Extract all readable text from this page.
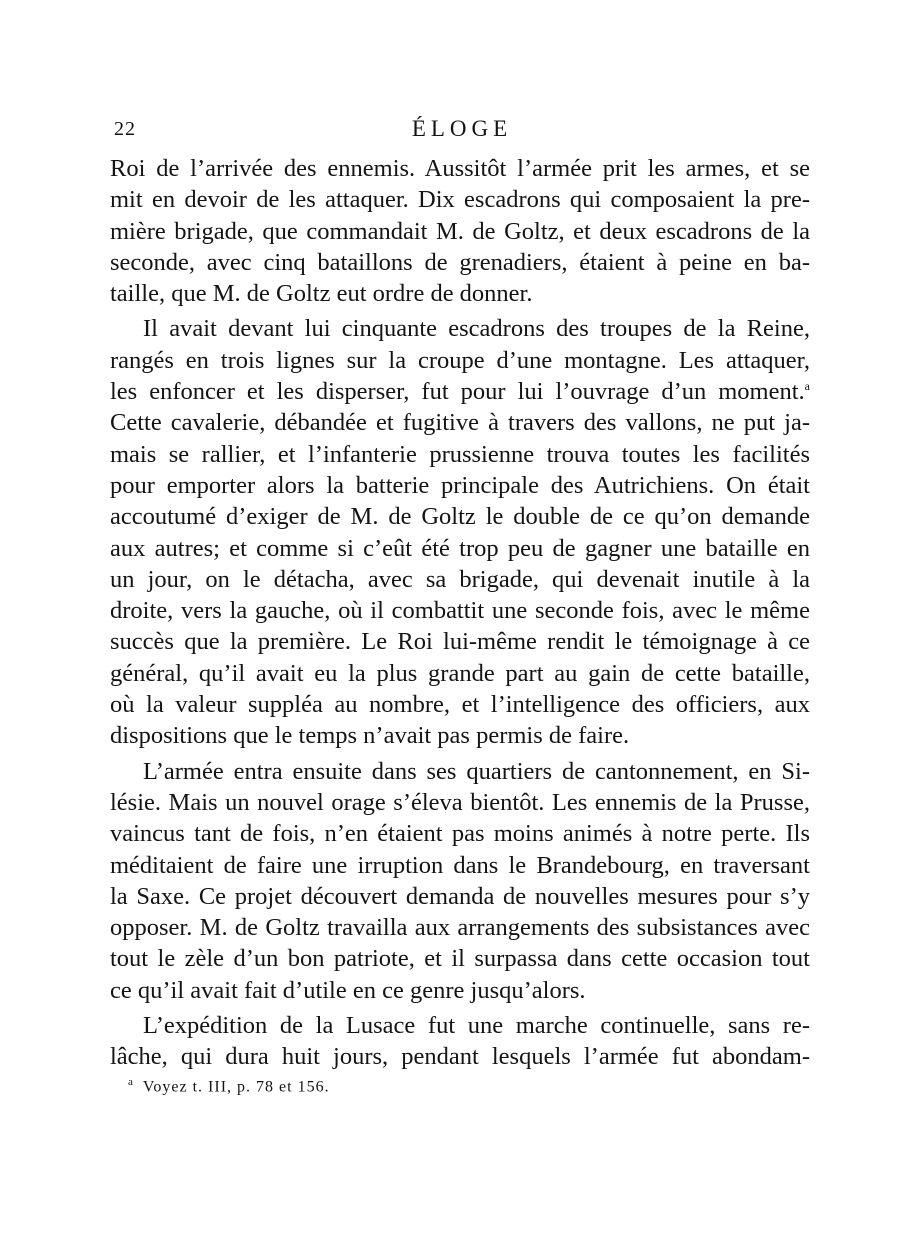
22	ÉLOGE
Roi de l’arrivée des ennemis. Aussitôt l’armée prit les armes, et se
mit en devoir de les attaquer. Dix escadrons qui composaient la pre-
mière brigade, que commandait M. de Goltz, et deux escadrons de la
seconde, avec cinq bataillons de grenadiers, étaient à peine en ba-
taille, que M. de Goltz eut ordre de donner.
Il avait devant lui cinquante escadrons des troupes de la Reine,
rangés en trois lignes sur la croupe d’une montagne. Les attaquer,
les enfoncer et les disperser, fut pour lui l’ouvrage d’un moment.$^a$
Cette cavalerie, débandée et fugitive à travers des vallons, ne put ja-
mais se rallier, et l’infanterie prussienne trouva toutes les facilités
pour emporter alors la batterie principale des Autrichiens. On était
accoutumé d’exiger de M. de Goltz le double de ce qu’on demande
aux autres; et comme si c’eût été trop peu de gagner une bataille en
un jour, on le détacha, avec sa brigade, qui devenait inutile à la
droite, vers la gauche, où il combattit une seconde fois, avec le même
succès que la première. Le Roi lui-même rendit le témoignage à ce
général, qu’il avait eu la plus grande part au gain de cette bataille,
où la valeur suppléa au nombre, et l’intelligence des officiers, aux
dispositions que le temps n’avait pas permis de faire.
L’armée entra ensuite dans ses quartiers de cantonnement, en Si-
lésie. Mais un nouvel orage s’éleva bientôt. Les ennemis de la Prusse,
vaincus tant de fois, n’en étaient pas moins animés à notre perte. Ils
méditaient de faire une irruption dans le Brandebourg, en traversant
la Saxe. Ce projet découvert demanda de nouvelles mesures pour s’y
opposer. M. de Goltz travailla aux arrangements des subsistances avec
tout le zèle d’un bon patriote, et il surpassa dans cette occasion tout
ce qu’il avait fait d’utile en ce genre jusqu’alors.
L’expédition de la Lusace fut une marche continuelle, sans re-
lâche, qui dura huit jours, pendant lesquels l’armée fut abondam-
$^a$ Voyez t. III, p. 78 et 156.
